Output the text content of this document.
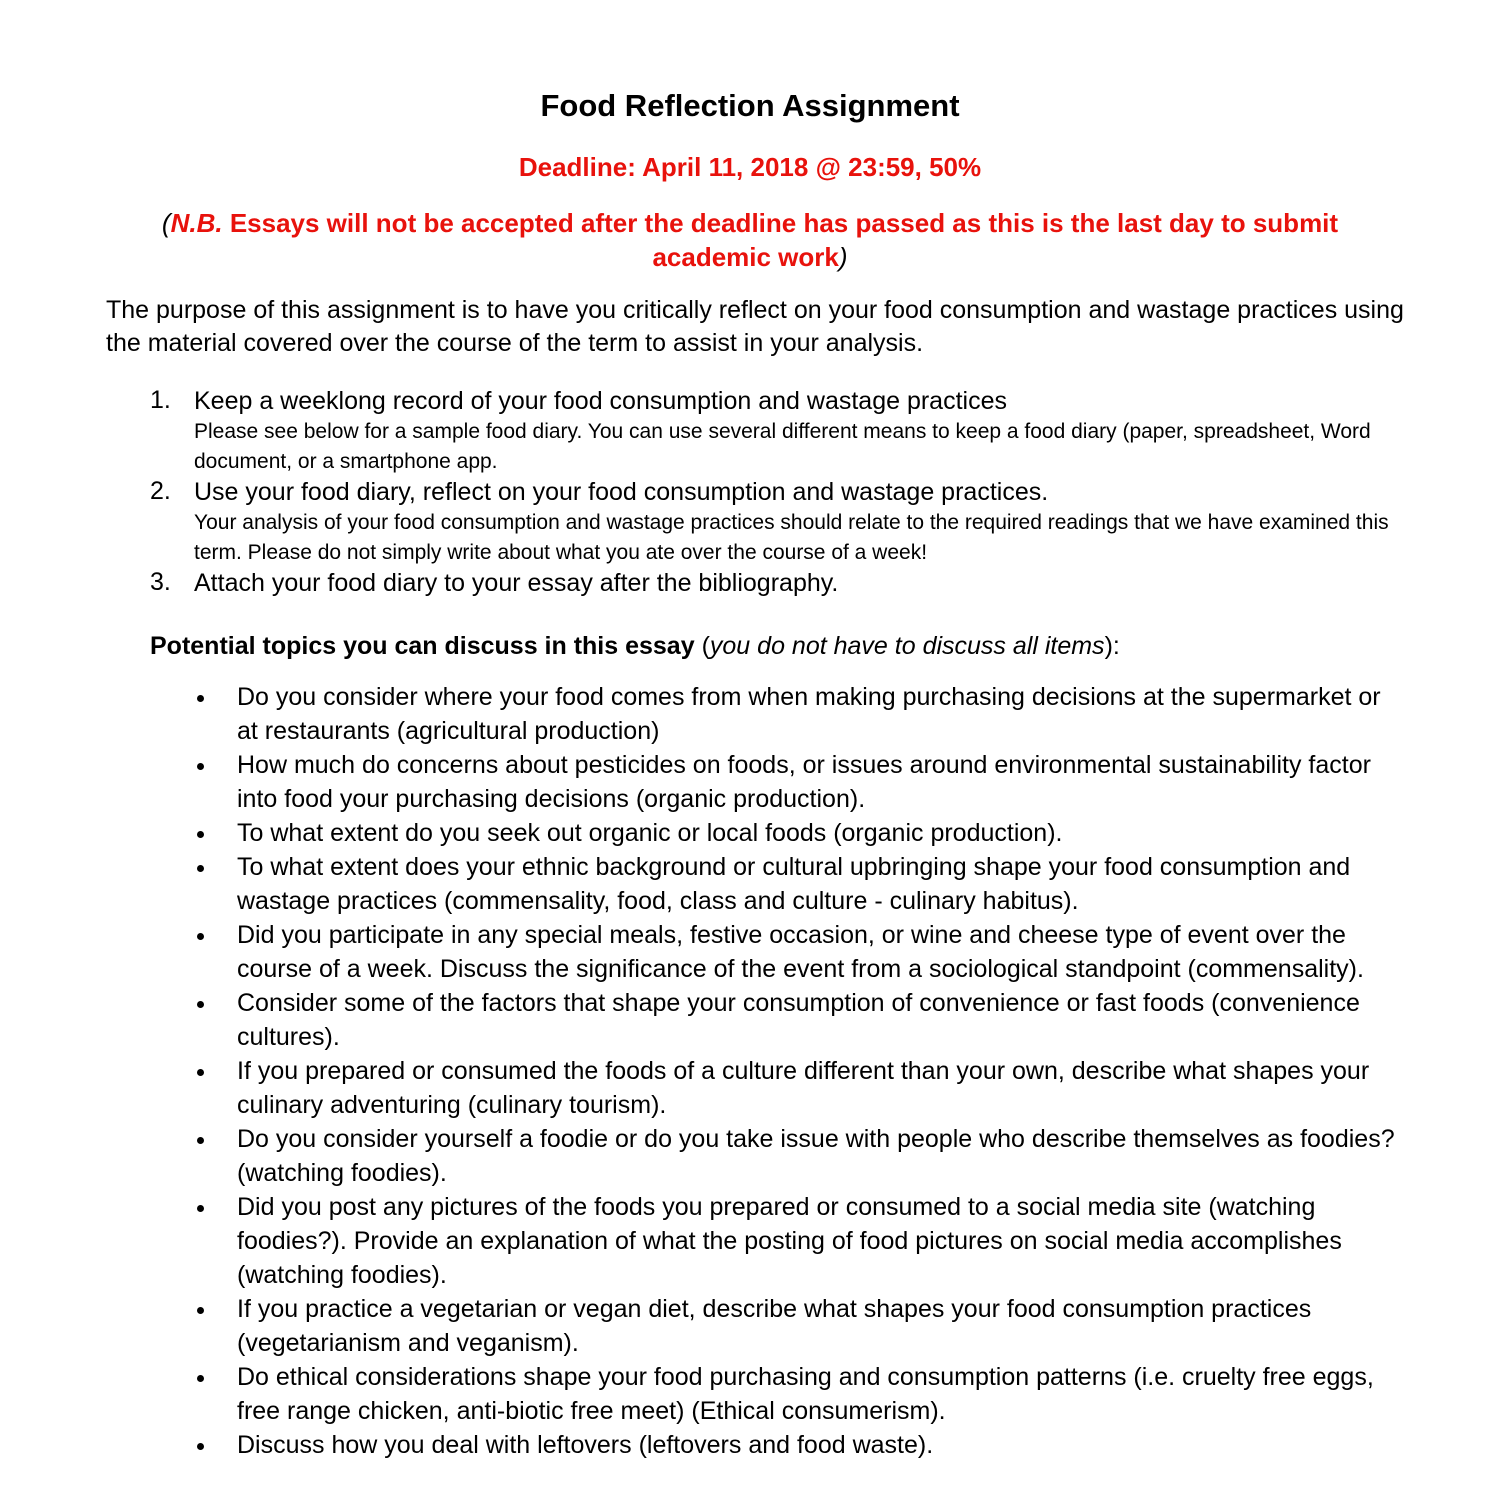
Food Reflection Assignment
Deadline: April 11, 2018 @ 23:59, 50%
(N.B. Essays will not be accepted after the deadline has passed as this is the last day to submit academic work)
The purpose of this assignment is to have you critically reflect on your food consumption and wastage practices using the material covered over the course of the term to assist in your analysis.
1. Keep a weeklong record of your food consumption and wastage practices
Please see below for a sample food diary. You can use several different means to keep a food diary (paper, spreadsheet, Word document, or a smartphone app.
2. Use your food diary, reflect on your food consumption and wastage practices.
Your analysis of your food consumption and wastage practices should relate to the required readings that we have examined this term. Please do not simply write about what you ate over the course of a week!
3. Attach your food diary to your essay after the bibliography.
Potential topics you can discuss in this essay (you do not have to discuss all items):
Do you consider where your food comes from when making purchasing decisions at the supermarket or at restaurants (agricultural production)
How much do concerns about pesticides on foods, or issues around environmental sustainability factor into food your purchasing decisions (organic production).
To what extent do you seek out organic or local foods (organic production).
To what extent does your ethnic background or cultural upbringing shape your food consumption and wastage practices (commensality, food, class and culture - culinary habitus).
Did you participate in any special meals, festive occasion, or wine and cheese type of event over the course of a week. Discuss the significance of the event from a sociological standpoint (commensality).
Consider some of the factors that shape your consumption of convenience or fast foods (convenience cultures).
If you prepared or consumed the foods of a culture different than your own, describe what shapes your culinary adventuring (culinary tourism).
Do you consider yourself a foodie or do you take issue with people who describe themselves as foodies? (watching foodies).
Did you post any pictures of the foods you prepared or consumed to a social media site (watching foodies?). Provide an explanation of what the posting of food pictures on social media accomplishes (watching foodies).
If you practice a vegetarian or vegan diet, describe what shapes your food consumption practices (vegetarianism and veganism).
Do ethical considerations shape your food purchasing and consumption patterns (i.e. cruelty free eggs, free range chicken, anti-biotic free meet) (Ethical consumerism).
Discuss how you deal with leftovers (leftovers and food waste).
